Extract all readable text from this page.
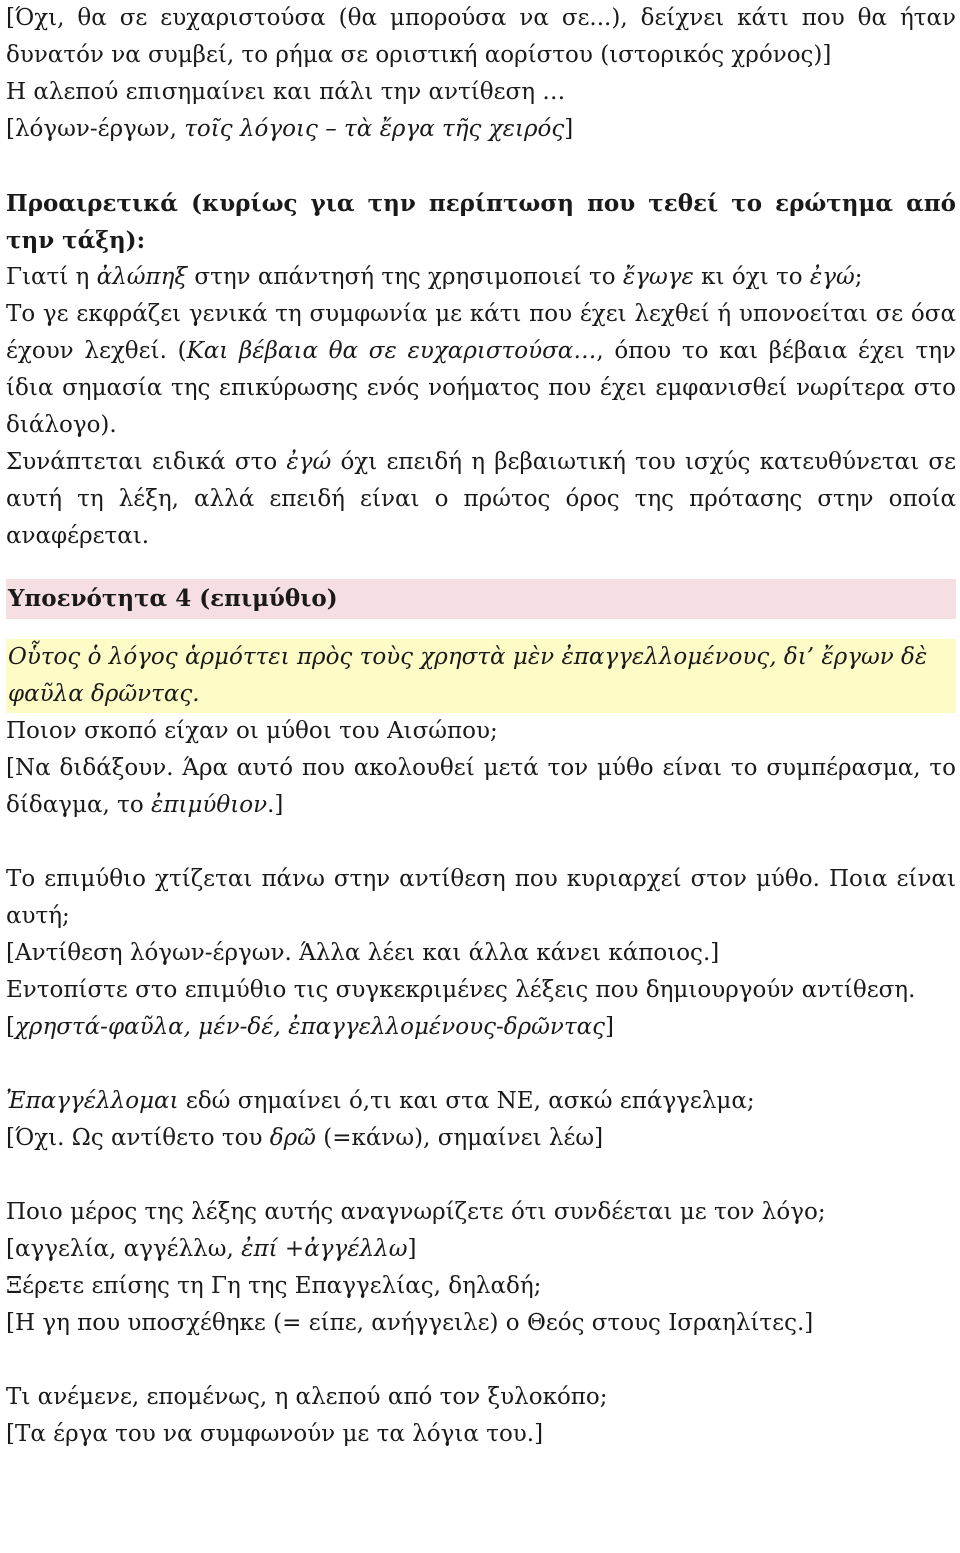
[Όχι, θα σε ευχαριστούσα (θα μπορούσα να σε...), δείχνει κάτι που θα ήταν δυνατόν να συμβεί, το ρήμα σε οριστική αορίστου (ιστορικός χρόνος)]

Η αλεπού επισημαίνει και πάλι την αντίθεση …

[λόγων-έργων, τοῖς λόγοις – τὰ ἔργα τῆς χειρός]

Προαιρετικά (κυρίως για την περίπτωση που τεθεί το ερώτημα από την τάξη):

Γιατί η ἀλώπηξ στην απάντησή της χρησιμοποιεί το ἔγωγε κι όχι το ἐγώ;

Το γε εκφράζει γενικά τη συμφωνία με κάτι που έχει λεχθεί ή υπονοείται σε όσα έχουν λεχθεί. (Και βέβαια θα σε ευχαριστούσα…, όπου το και βέβαια έχει την ίδια σημασία της επικύρωσης ενός νοήματος που έχει εμφανισθεί νωρίτερα στο διάλογο).

Συνάπτεται ειδικά στο ἐγώ όχι επειδή η βεβαιωτική του ισχύς κατευθύνεται σε αυτή τη λέξη, αλλά επειδή είναι ο πρώτος όρος της πρότασης στην οποία αναφέρεται.

Υποενότητα 4 (επιμύθιο)

Οὗτος ὁ λόγος ἁρμόττει πρὸς τοὺς χρηστὰ μὲν ἐπαγγελλομένους, δι’ ἔργων δὲ φαῦλα δρῶντας.

Ποιον σκοπό είχαν οι μύθοι του Αισώπου;

[Να διδάξουν. Άρα αυτό που ακολουθεί μετά τον μύθο είναι το συμπέρασμα, το δίδαγμα, το ἐπιμύθιον.]

Το επιμύθιο χτίζεται πάνω στην αντίθεση που κυριαρχεί στον μύθο. Ποια είναι αυτή;

[Αντίθεση λόγων-έργων. Άλλα λέει και άλλα κάνει κάποιος.]

Εντοπίστε στο επιμύθιο τις συγκεκριμένες λέξεις που δημιουργούν αντίθεση.

[χρηστά-φαῦλα, μέν-δέ, ἐπαγγελλομένους-δρῶντας]

Ἐπαγγέλλομαι εδώ σημαίνει ό,τι και στα ΝΕ, ασκώ επάγγελμα;

[Όχι. Ως αντίθετο του δρῶ (=κάνω), σημαίνει λέω]

Ποιο μέρος της λέξης αυτής αναγνωρίζετε ότι συνδέεται με τον λόγο;

[αγγελία, αγγέλλω, ἐπί +ἀγγέλλω]

Ξέρετε επίσης τη Γη της Επαγγελίας, δηλαδή;

[Η γη που υποσχέθηκε (= είπε, ανήγγειλε) ο Θεός στους Ισραηλίτες.]

Τι ανέμενε, επομένως, η αλεπού από τον ξυλοκόπο;

[Τα έργα του να συμφωνούν με τα λόγια του.]
